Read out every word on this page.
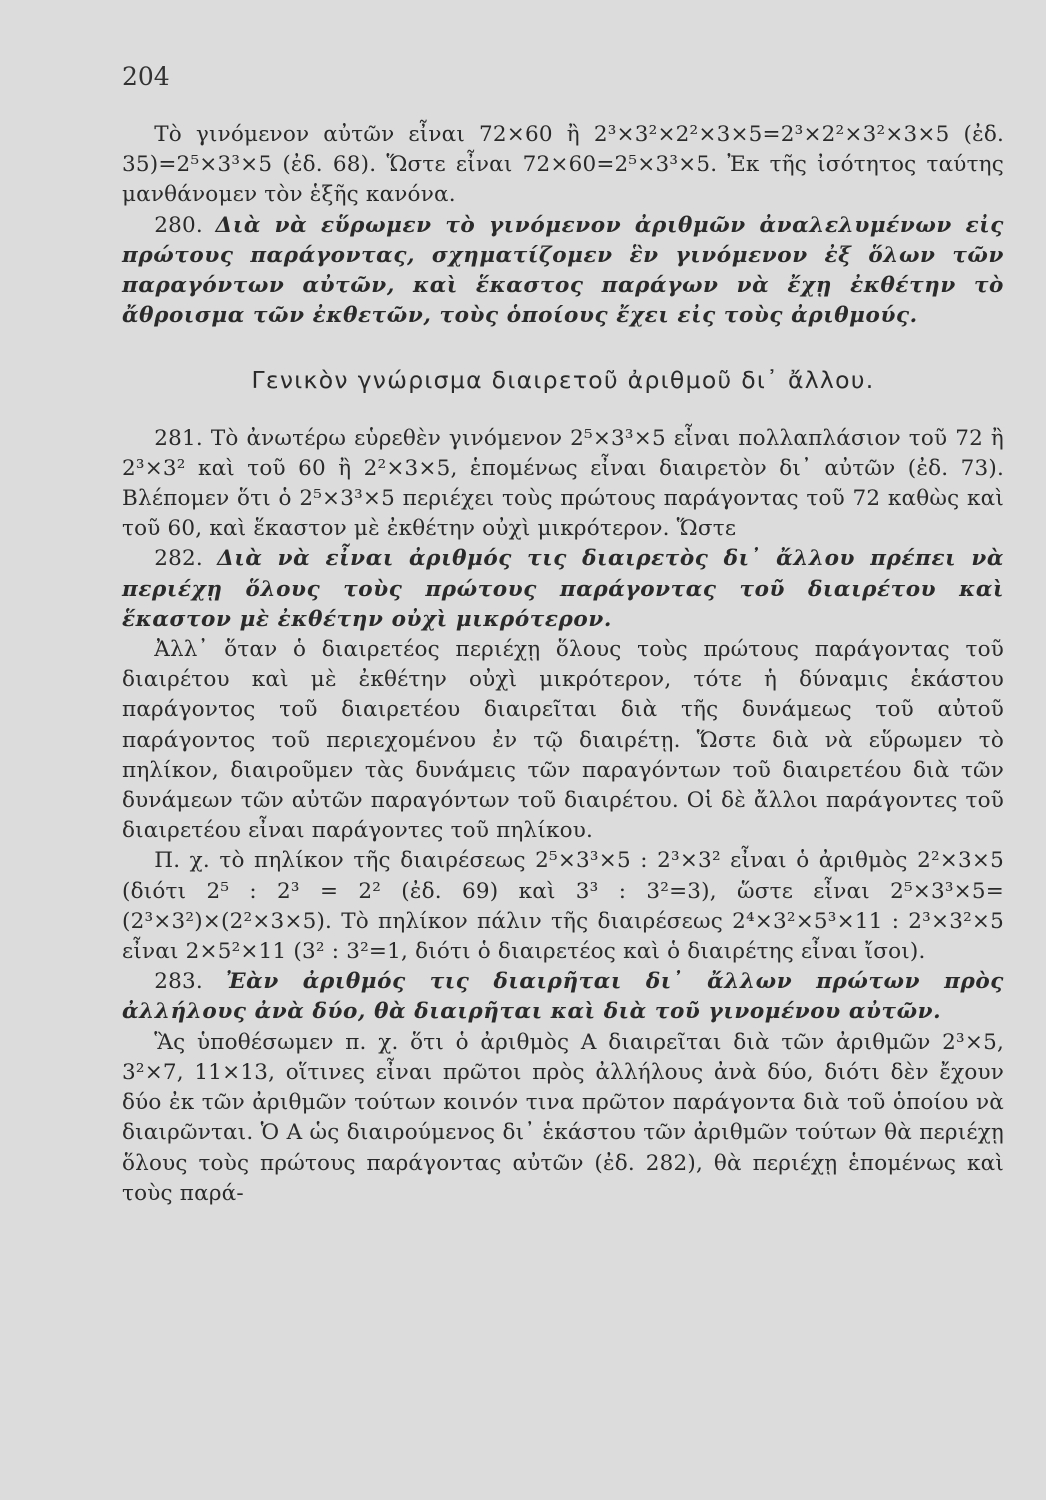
204

Τὸ γινόμενον αὐτῶν εἶναι 72×60 ἢ 2³×3²×2²×3×5=2³×2²×3²×3×5 (ἐδ. 35)=2⁵×3³×5 (ἐδ. 68). Ὥστε εἶναι 72×60=2⁵×3³×5. Ἐκ τῆς ἰσότητος ταύτης μανθάνομεν τὸν ἑξῆς κανόνα.

280. Διὰ νὰ εὕρωμεν τὸ γινόμενον ἀριθμῶν ἀναλελυμένων εἰς πρώτους παράγοντας, σχηματίζομεν ἓν γινόμενον ἐξ ὅλων τῶν παραγόντων αὐτῶν, καὶ ἕκαστος παράγων νὰ ἔχῃ ἐκθέτην τὸ ἄθροισμα τῶν ἐκθετῶν, τοὺς ὁποίους ἔχει εἰς τοὺς ἀριθμούς.

Γενικὸν γνώρισμα διαιρετοῦ ἀριθμοῦ δι᾽ ἄλλου.

281. Τὸ ἀνωτέρω εὑρεθὲν γινόμενον 2⁵×3³×5 εἶναι πολλαπλάσιον τοῦ 72 ἢ 2³×3² καὶ τοῦ 60 ἢ 2²×3×5, ἑπομένως εἶναι διαιρετὸν δι᾽ αὐτῶν (ἐδ. 73). Βλέπομεν ὅτι ὁ 2⁵×3³×5 περιέχει τοὺς πρώτους παράγοντας τοῦ 72 καθὼς καὶ τοῦ 60, καὶ ἕκαστον μὲ ἐκθέτην οὐχὶ μικρότερον. Ὥστε

282. Διὰ νὰ εἶναι ἀριθμός τις διαιρετὸς δι᾽ ἄλλου πρέπει νὰ περιέχῃ ὅλους τοὺς πρώτους παράγοντας τοῦ διαιρέτου καὶ ἕκαστον μὲ ἐκθέτην οὐχὶ μικρότερον.

Ἀλλ᾽ ὅταν ὁ διαιρετέος περιέχῃ ὅλους τοὺς πρώτους παράγοντας τοῦ διαιρέτου καὶ μὲ ἐκθέτην οὐχὶ μικρότερον, τότε ἡ δύναμις ἑκάστου παράγοντος τοῦ διαιρετέου διαιρεῖται διὰ τῆς δυνάμεως τοῦ αὐτοῦ παράγοντος τοῦ περιεχομένου ἐν τῷ διαιρέτῃ. Ὥστε διὰ νὰ εὕρωμεν τὸ πηλίκον, διαιροῦμεν τὰς δυνάμεις τῶν παραγόντων τοῦ διαιρετέου διὰ τῶν δυνάμεων τῶν αὐτῶν παραγόντων τοῦ διαιρέτου. Οἱ δὲ ἄλλοι παράγοντες τοῦ διαιρετέου εἶναι παράγοντες τοῦ πηλίκου.

Π. χ. τὸ πηλίκον τῆς διαιρέσεως 2⁵×3³×5 : 2³×3² εἶναι ὁ ἀριθμὸς 2²×3×5 (διότι 2⁵ : 2³ = 2² (ἐδ. 69) καὶ 3³ : 3²=3), ὥστε εἶναι 2⁵×3³×5=(2³×3²)×(2²×3×5). Τὸ πηλίκον πάλιν τῆς διαιρέσεως 2⁴×3²×5³×11 : 2³×3²×5 εἶναι 2×5²×11 (3² : 3²=1, διότι ὁ διαιρετέος καὶ ὁ διαιρέτης εἶναι ἴσοι).

283. Ἐὰν ἀριθμός τις διαιρῆται δι᾽ ἄλλων πρώτων πρὸς ἀλλήλους ἀνὰ δύο, θὰ διαιρῆται καὶ διὰ τοῦ γινομένου αὐτῶν.

Ἃς ὑποθέσωμεν π. χ. ὅτι ὁ ἀριθμὸς Α διαιρεῖται διὰ τῶν ἀριθμῶν 2³×5, 3²×7, 11×13, οἵτινες εἶναι πρῶτοι πρὸς ἀλλήλους ἀνὰ δύο, διότι δὲν ἔχουν δύο ἐκ τῶν ἀριθμῶν τούτων κοινόν τινα πρῶτον παράγοντα διὰ τοῦ ὁποίου νὰ διαιρῶνται. Ὁ Α ὡς διαιρούμενος δι᾽ ἑκάστου τῶν ἀριθμῶν τούτων θὰ περιέχῃ ὅλους τοὺς πρώτους παράγοντας αὐτῶν (ἐδ. 282), θὰ περιέχῃ ἑπομένως καὶ τοὺς παρά-
